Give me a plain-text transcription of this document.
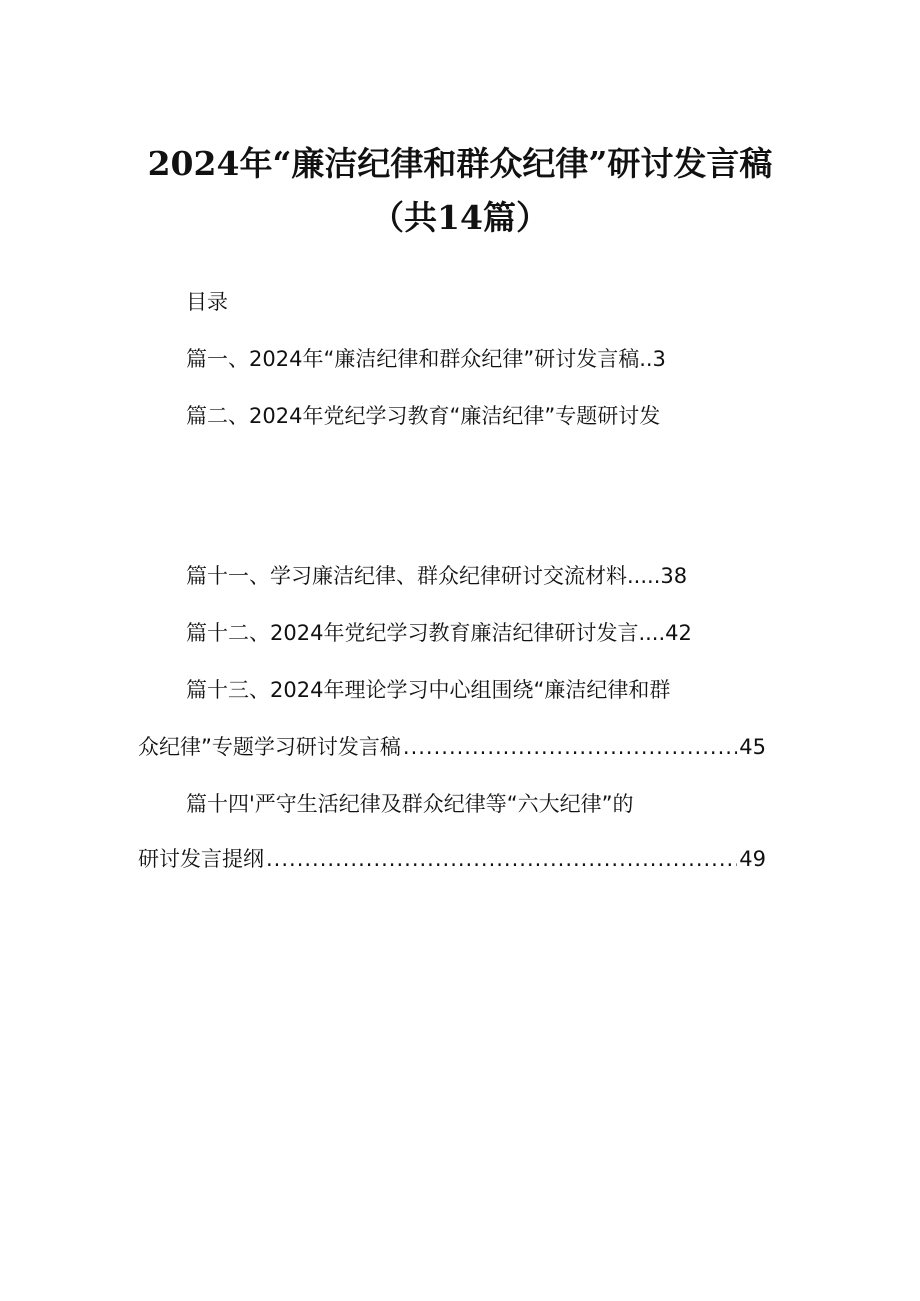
2024年“廉洁纪律和群众纪律”研讨发言稿
（共14篇）
目录
篇一、2024年“廉洁纪律和群众纪律”研讨发言稿..3
篇二、2024年党纪学习教育“廉洁纪律”专题研讨发
篇十一、学习廉洁纪律、群众纪律研讨交流材料.....38
篇十二、2024年党纪学习教育廉洁纪律研讨发言....42
篇十三、2024年理论学习中心组围绕“廉洁纪律和群
众纪律”专题学习研讨发言稿 .....	45
篇十四'严守生活纪律及群众纪律等“六大纪律”的
研讨发言提纲 .....	49
